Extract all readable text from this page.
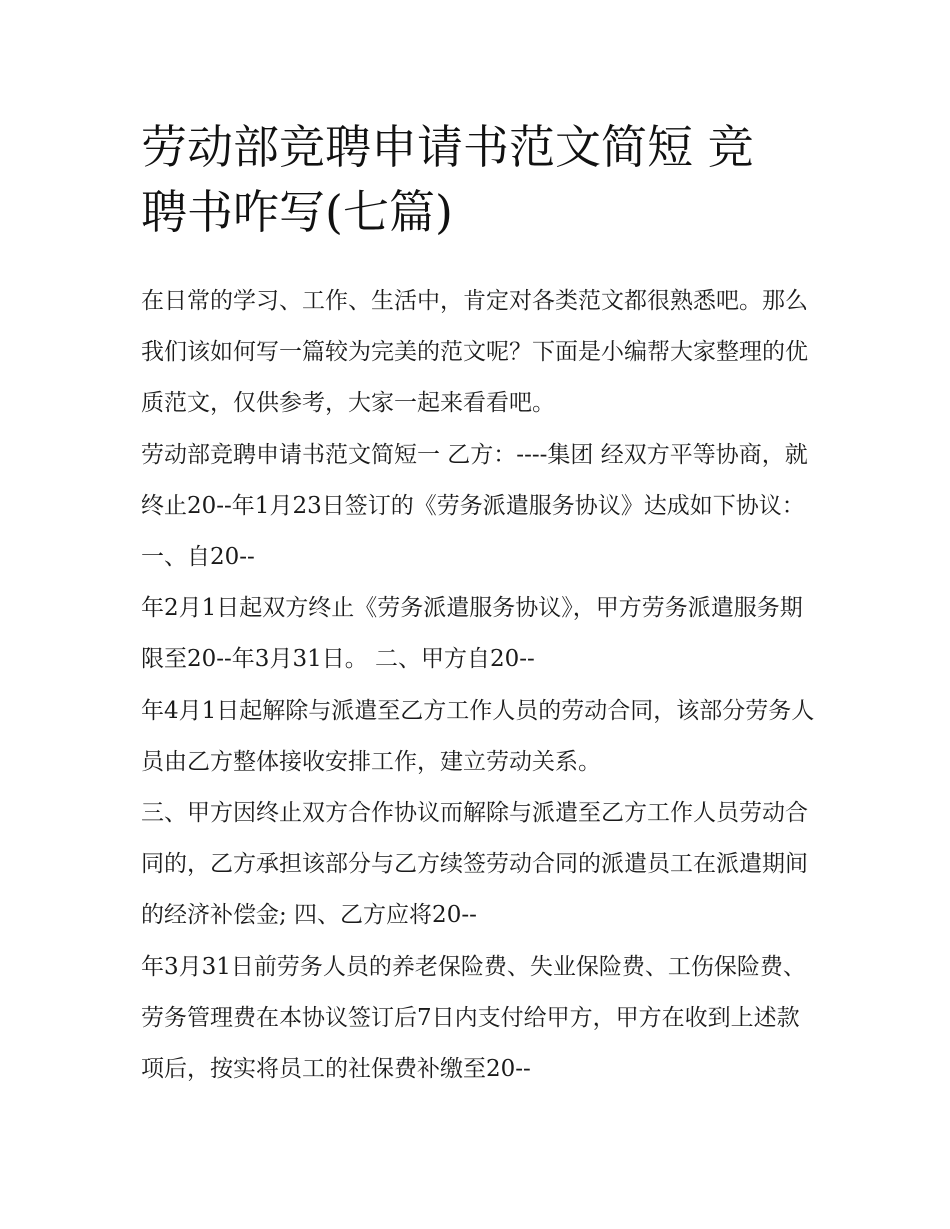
劳动部竞聘申请书范文简短 竞
聘书咋写(七篇)

在日常的学习、工作、生活中，肯定对各类范文都很熟悉吧。那么我们该如何写一篇较为完美的范文呢？下面是小编帮大家整理的优质范文，仅供参考，大家一起来看看吧。

劳动部竞聘申请书范文简短一 乙方：----集团 经双方平等协商，就终止20--年1月23日签订的《劳务派遣服务协议》达成如下协议： 一、自20--

年2月1日起双方终止《劳务派遣服务协议》，甲方劳务派遣服务期限至20--年3月31日。 二、甲方自20--

年4月1日起解除与派遣至乙方工作人员的劳动合同，该部分劳务人员由乙方整体接收安排工作，建立劳动关系。

三、甲方因终止双方合作协议而解除与派遣至乙方工作人员劳动合同的，乙方承担该部分与乙方续签劳动合同的派遣员工在派遣期间的经济补偿金; 四、乙方应将20--

年3月31日前劳务人员的养老保险费、失业保险费、工伤保险费、劳务管理费在本协议签订后7日内支付给甲方，甲方在收到上述款项后，按实将员工的社保费补缴至20--
